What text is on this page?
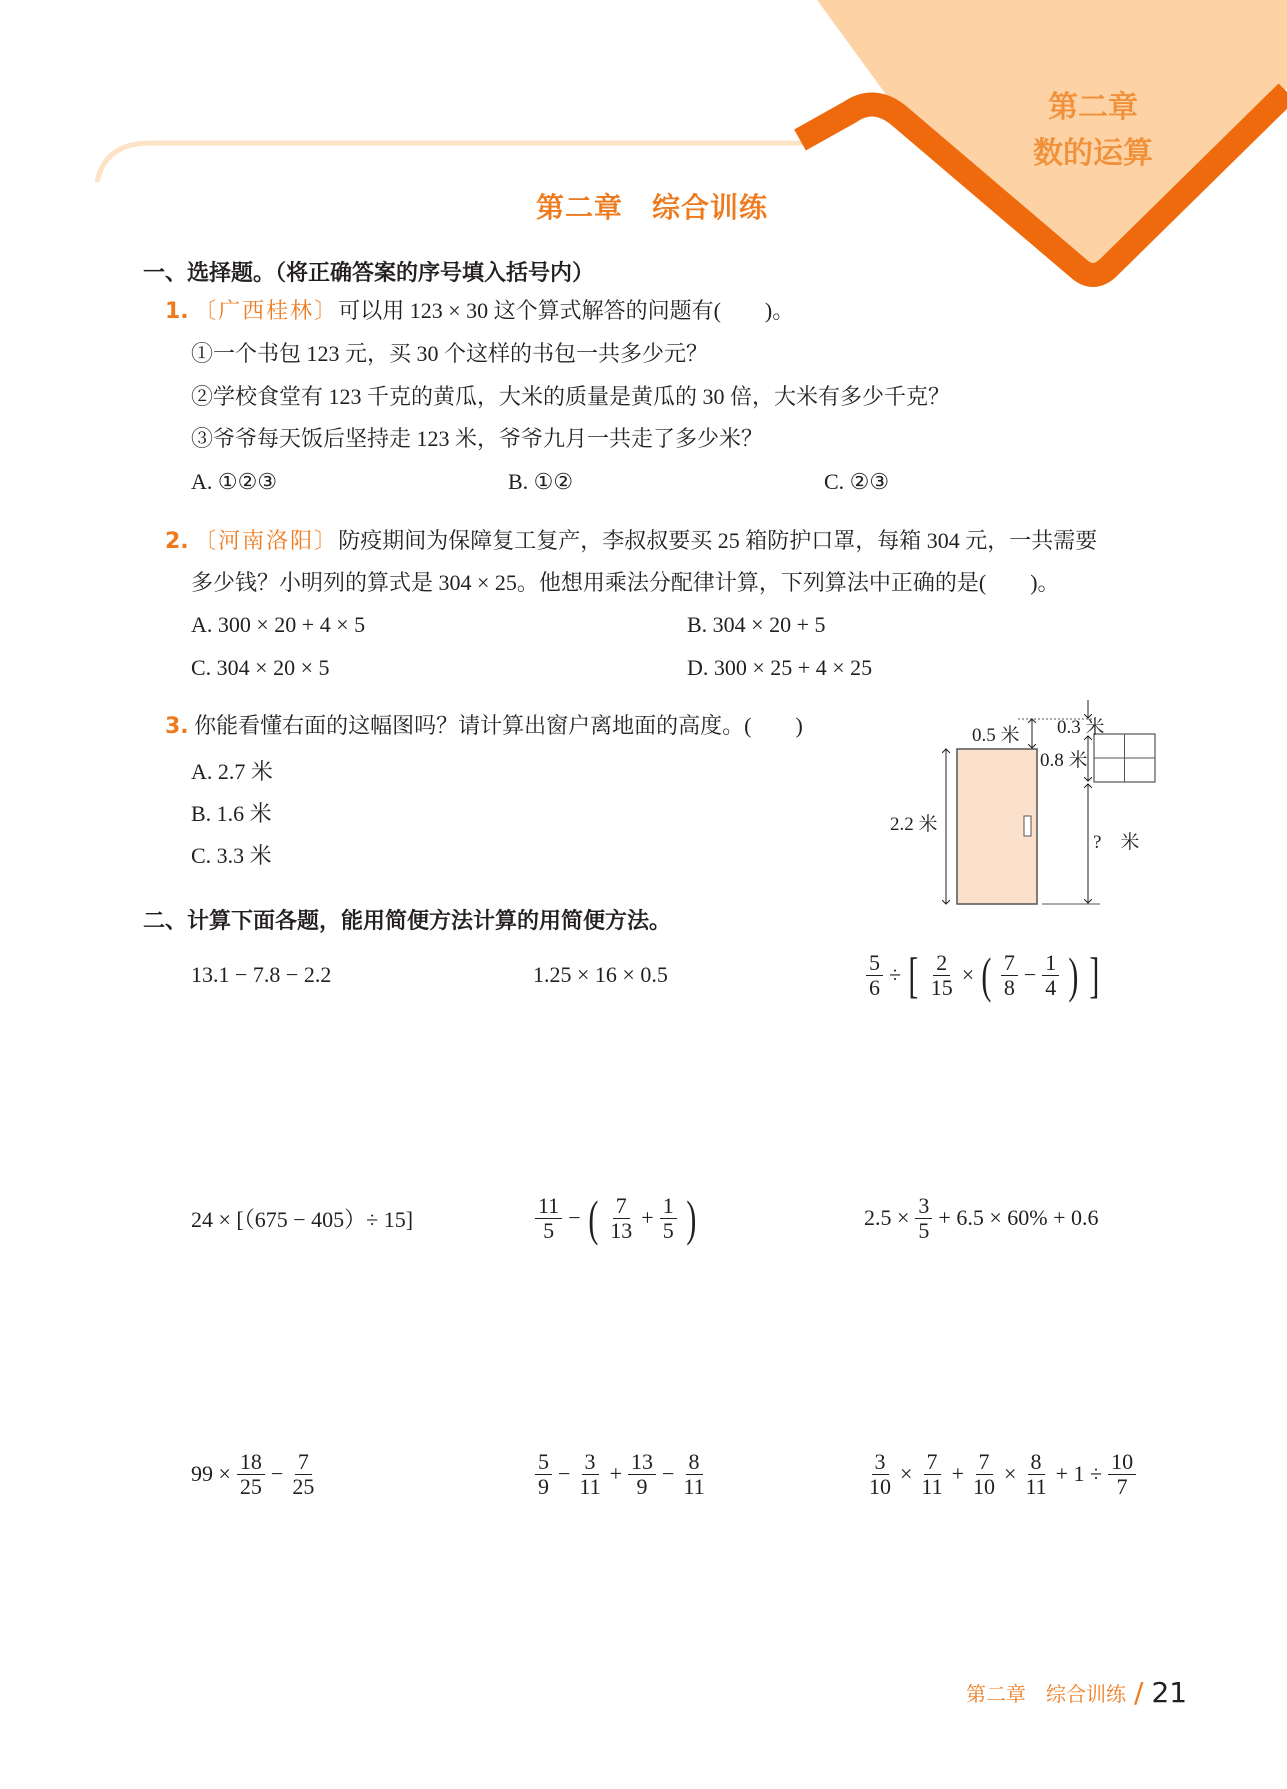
第二章
数的运算
第二章　综合训练
一、选择题。（将正确答案的序号填入括号内）
1. 〔广西桂林〕可以用 123 × 30 这个算式解答的问题有(　　)。
①一个书包 123 元，买 30 个这样的书包一共多少元？
②学校食堂有 123 千克的黄瓜，大米的质量是黄瓜的 30 倍，大米有多少千克？
③爷爷每天饭后坚持走 123 米，爷爷九月一共走了多少米？
A. ①②③	B. ①②	C. ②③
2. 〔河南洛阳〕防疫期间为保障复工复产，李叔叔要买 25 箱防护口罩，每箱 304 元，一共需要
多少钱？小明列的算式是 304 × 25。他想用乘法分配律计算，下列算法中正确的是(　　)。
A. 300 × 20 + 4 × 5	B. 304 × 20 + 5
C. 304 × 20 × 5	D. 300 × 25 + 4 × 25
3. 你能看懂右面的这幅图吗？请计算出窗户离地面的高度。(　　)
A. 2.7 米
B. 1.6 米
C. 3.3 米
0.5 米 0.3 米
0.8 米
2.2 米
?　米
二、计算下面各题，能用简便方法计算的用简便方法。
13.1 − 7.8 − 2.2	1.25 × 16 × 0.5	$\frac{5}{6}$ ÷ [ $\frac{2}{15}$ × ( $\frac{7}{8} - \frac{1}{4}$ ) ]
24 × [（675 − 405）÷ 15]	$\frac{11}{5}$ − ( $\frac{7}{13} + \frac{1}{5}$ )	$2.5 \times \frac{3}{5} + 6.5 \times 60\% + 0.6$
$99 \times \frac{18}{25} - \frac{7}{25}$	$\frac{5}{9} - \frac{3}{11} + \frac{13}{9} - \frac{8}{11}$	$\frac{3}{10} \times \frac{7}{11} + \frac{7}{10} \times \frac{8}{11} + 1 \div \frac{10}{7}$
第二章　综合训练 / 21
